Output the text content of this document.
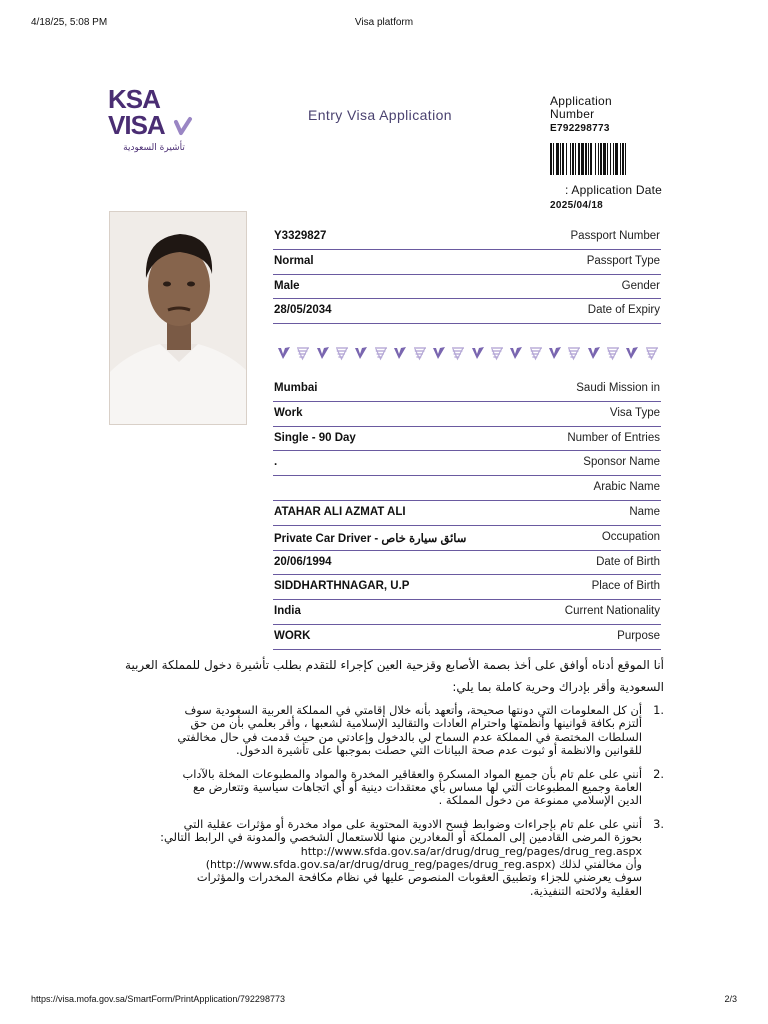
4/18/25, 5:08 PM	Visa platform
KSA
VISA
تأشيرة السعودية
Entry Visa Application
Application
Number
E792298773
: Application Date
2025/04/18
Y3329827	Passport Number
Normal	Passport Type
Male	Gender
28/05/2034	Date of Expiry
Mumbai	Saudi Mission in
Work	Visa Type
Single - 90 Day	Number of Entries
.	Sponsor Name
Arabic Name
ATAHAR ALI AZMAT ALI	Name
Private Car Driver - سائق سيارة خاص	Occupation
20/06/1994	Date of Birth
SIDDHARTHNAGAR, U.P	Place of Birth
India	Current Nationality
WORK	Purpose
أنا الموقع أدناه أوافق على أخذ بصمة الأصابع وقزحية العين كإجراء للتقدم بطلب تأشيرة دخول للمملكة العربية
السعودية وأقر بإدراك وحرية كاملة بما يلي:
1.
أن كل المعلومات التي دونتها صحيحة، وأتعهد بأنه خلال إقامتي في المملكة العربية السعودية سوف
ألتزم بكافة قوانينها وأنظمتها واحترام العادات والتقاليد الإسلامية لشعبها ، وأقر بعلمي بأن من حق
السلطات المختصة في المملكة عدم السماح لي بالدخول وإعادتي من حيث قدمت في حال مخالفتي
للقوانين والانظمة أو ثبوت عدم صحة البيانات التي حصلت بموجبها على تأشيرة الدخول.
2.
أنني على علم تام بأن جميع المواد المسكرة والعقاقير المخدرة والمواد والمطبوعات المخلة بالآداب
العامة وجميع المطبوعات التي لها مساس بأي معتقدات دينية أو أي اتجاهات سياسية وتتعارض مع
الدين الإسلامي ممنوعة من دخول المملكة .
3.
أنني على علم تام بإجراءات وضوابط فسح الادوية المحتوية على مواد مخدرة أو مؤثرات عقلية التي
بحوزة المرضى القادمين إلى المملكة أو المغادرين منها للاستعمال الشخصي والمدونة في الرابط التالي:
http://www.sfda.gov.sa/ar/drug/drug_reg/pages/drug_reg.aspx
(http://www.sfda.gov.sa/ar/drug/drug_reg/pages/drug_reg.aspx) وأن مخالفتي لذلك
سوف يعرضني للجزاء وتطبيق العقوبات المنصوص عليها في نظام مكافحة المخدرات والمؤثرات
العقلية ولائحته التنفيذية.
https://visa.mofa.gov.sa/SmartForm/PrintApplication/792298773	2/3
